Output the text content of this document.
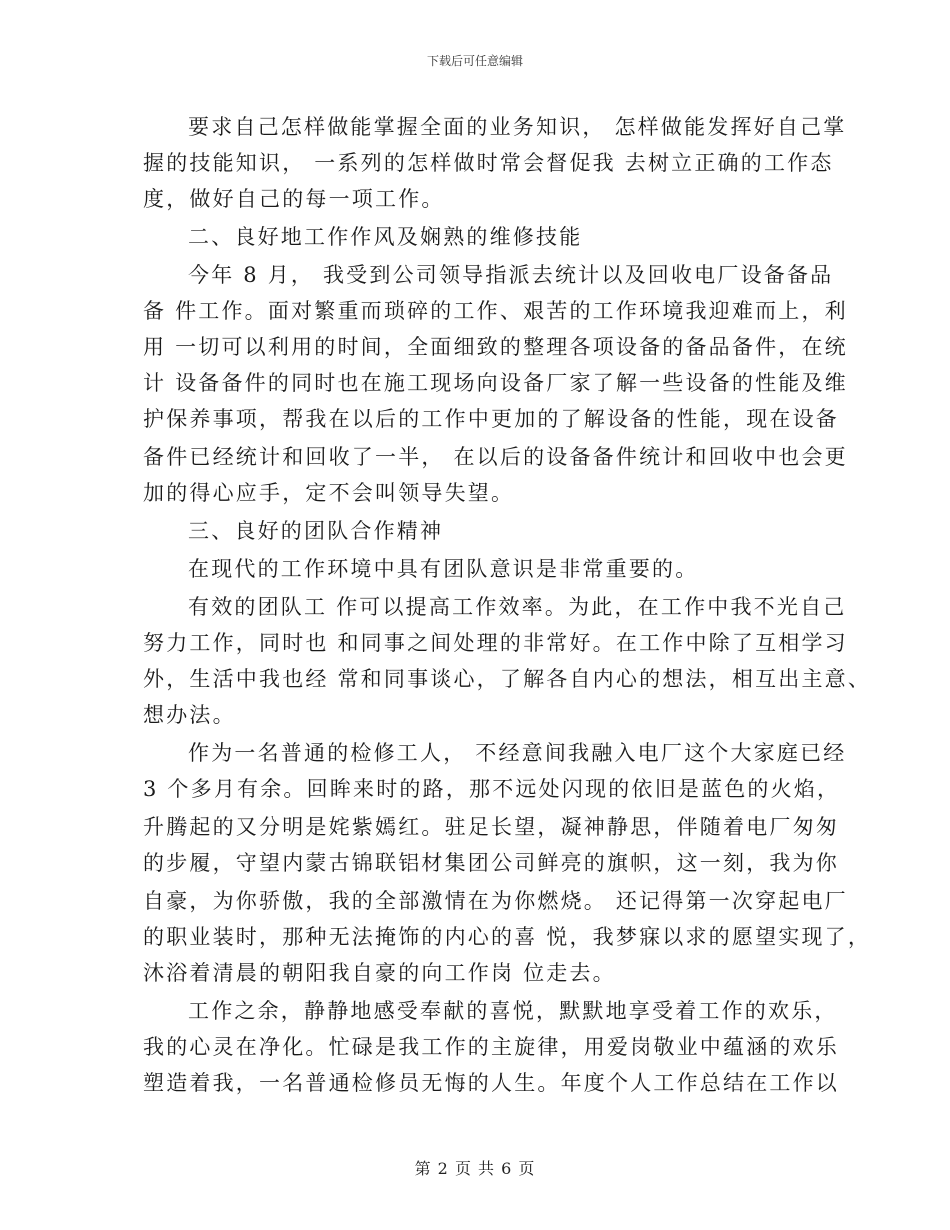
下载后可任意编辑
要求自己怎样做能掌握全面的业务知识， 怎样做能发挥好自己掌
握的技能知识， 一系列的怎样做时常会督促我 去树立正确的工作态
度，做好自己的每一项工作。
二、良好地工作作风及娴熟的维修技能
今年 8 月， 我受到公司领导指派去统计以及回收电厂设备备品
备 件工作。面对繁重而琐碎的工作、艰苦的工作环境我迎难而上，利
用 一切可以利用的时间，全面细致的整理各项设备的备品备件，在统
计 设备备件的同时也在施工现场向设备厂家了解一些设备的性能及维
护保养事项，帮我在以后的工作中更加的了解设备的性能，现在设备
备件已经统计和回收了一半， 在以后的设备备件统计和回收中也会更
加的得心应手，定不会叫领导失望。
三、良好的团队合作精神
在现代的工作环境中具有团队意识是非常重要的。
有效的团队工 作可以提高工作效率。为此，在工作中我不光自己
努力工作，同时也 和同事之间处理的非常好。在工作中除了互相学习
外，生活中我也经 常和同事谈心，了解各自内心的想法，相互出主意、
想办法。
作为一名普通的检修工人， 不经意间我融入电厂这个大家庭已经
3 个多月有余。回眸来时的路，那不远处闪现的依旧是蓝色的火焰，
升腾起的又分明是姹紫嫣红。驻足长望，凝神静思，伴随着电厂匆匆
的步履，守望内蒙古锦联铝材集团公司鲜亮的旗帜，这一刻，我为你
自豪，为你骄傲，我的全部激情在为你燃烧。 还记得第一次穿起电厂
的职业装时，那种无法掩饰的内心的喜 悦，我梦寐以求的愿望实现了，
沐浴着清晨的朝阳我自豪的向工作岗 位走去。
工作之余，静静地感受奉献的喜悦，默默地享受着工作的欢乐，
我的心灵在净化。忙碌是我工作的主旋律，用爱岗敬业中蕴涵的欢乐
塑造着我，一名普通检修员无悔的人生。年度个人工作总结在工作以
第 2 页 共 6 页
